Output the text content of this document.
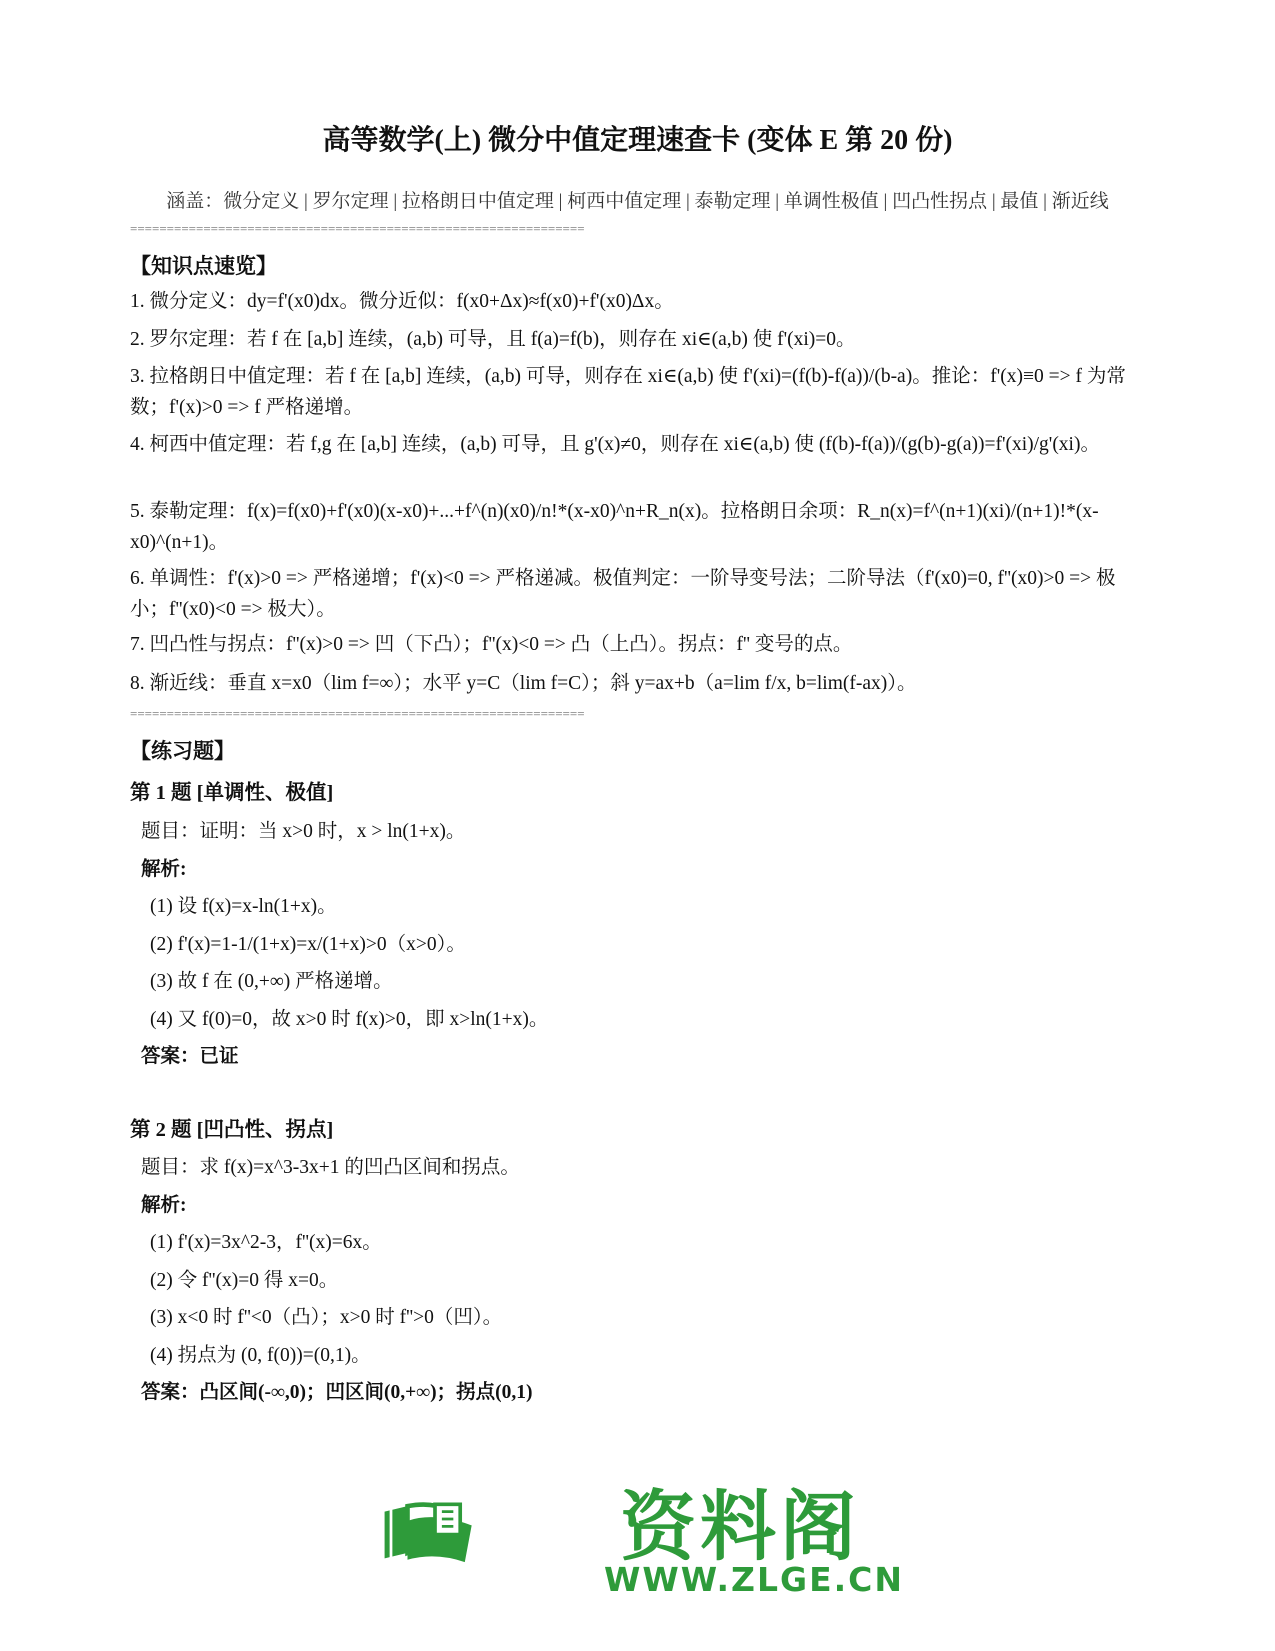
高等数学(上) 微分中值定理速查卡 (变体 E 第 20 份)
涵盖：微分定义 | 罗尔定理 | 拉格朗日中值定理 | 柯西中值定理 | 泰勒定理 | 单调性极值 | 凹凸性拐点 | 最值 | 渐近线
==============================================================
【知识点速览】
1. 微分定义：dy=f'(x0)dx。微分近似：f(x0+Δx)≈f(x0)+f'(x0)Δx。
2. 罗尔定理：若 f 在 [a,b] 连续，(a,b) 可导，且 f(a)=f(b)，则存在 xi∈(a,b) 使 f'(xi)=0。
3. 拉格朗日中值定理：若 f 在 [a,b] 连续，(a,b) 可导，则存在 xi∈(a,b) 使 f'(xi)=(f(b)-f(a))/(b-a)。推论：f'(x)≡0 => f 为常数；f'(x)>0 => f 严格递增。
4. 柯西中值定理：若 f,g 在 [a,b] 连续，(a,b) 可导，且 g'(x)≠0，则存在 xi∈(a,b) 使 (f(b)-f(a))/(g(b)-g(a))=f'(xi)/g'(xi)。
5. 泰勒定理：f(x)=f(x0)+f'(x0)(x-x0)+...+f^(n)(x0)/n!*(x-x0)^n+R_n(x)。拉格朗日余项：R_n(x)=f^(n+1)(xi)/(n+1)!*(x-x0)^(n+1)。
6. 单调性：f'(x)>0 => 严格递增；f'(x)<0 => 严格递减。极值判定：一阶导变号法；二阶导法（f'(x0)=0, f''(x0)>0 => 极小；f''(x0)<0 => 极大）。
7. 凹凸性与拐点：f''(x)>0 => 凹（下凸）；f''(x)<0 => 凸（上凸）。拐点：f'' 变号的点。
8. 渐近线：垂直 x=x0（lim f=∞）；水平 y=C（lim f=C）；斜 y=ax+b（a=lim f/x, b=lim(f-ax)）。
==============================================================
【练习题】
第 1 题 [单调性、极值]
题目：证明：当 x>0 时，x > ln(1+x)。
解析:
(1) 设 f(x)=x-ln(1+x)。
(2) f'(x)=1-1/(1+x)=x/(1+x)>0（x>0）。
(3) 故 f 在 (0,+∞) 严格递增。
(4) 又 f(0)=0，故 x>0 时 f(x)>0，即 x>ln(1+x)。
答案：已证
第 2 题 [凹凸性、拐点]
题目：求 f(x)=x^3-3x+1 的凹凸区间和拐点。
解析:
(1) f'(x)=3x^2-3，f''(x)=6x。
(2) 令 f''(x)=0 得 x=0。
(3) x<0 时 f''<0（凸）；x>0 时 f''>0（凹）。
(4) 拐点为 (0, f(0))=(0,1)。
答案：凸区间(-∞,0)；凹区间(0,+∞)；拐点(0,1)
资料阁
WWW.ZLGE.CN
